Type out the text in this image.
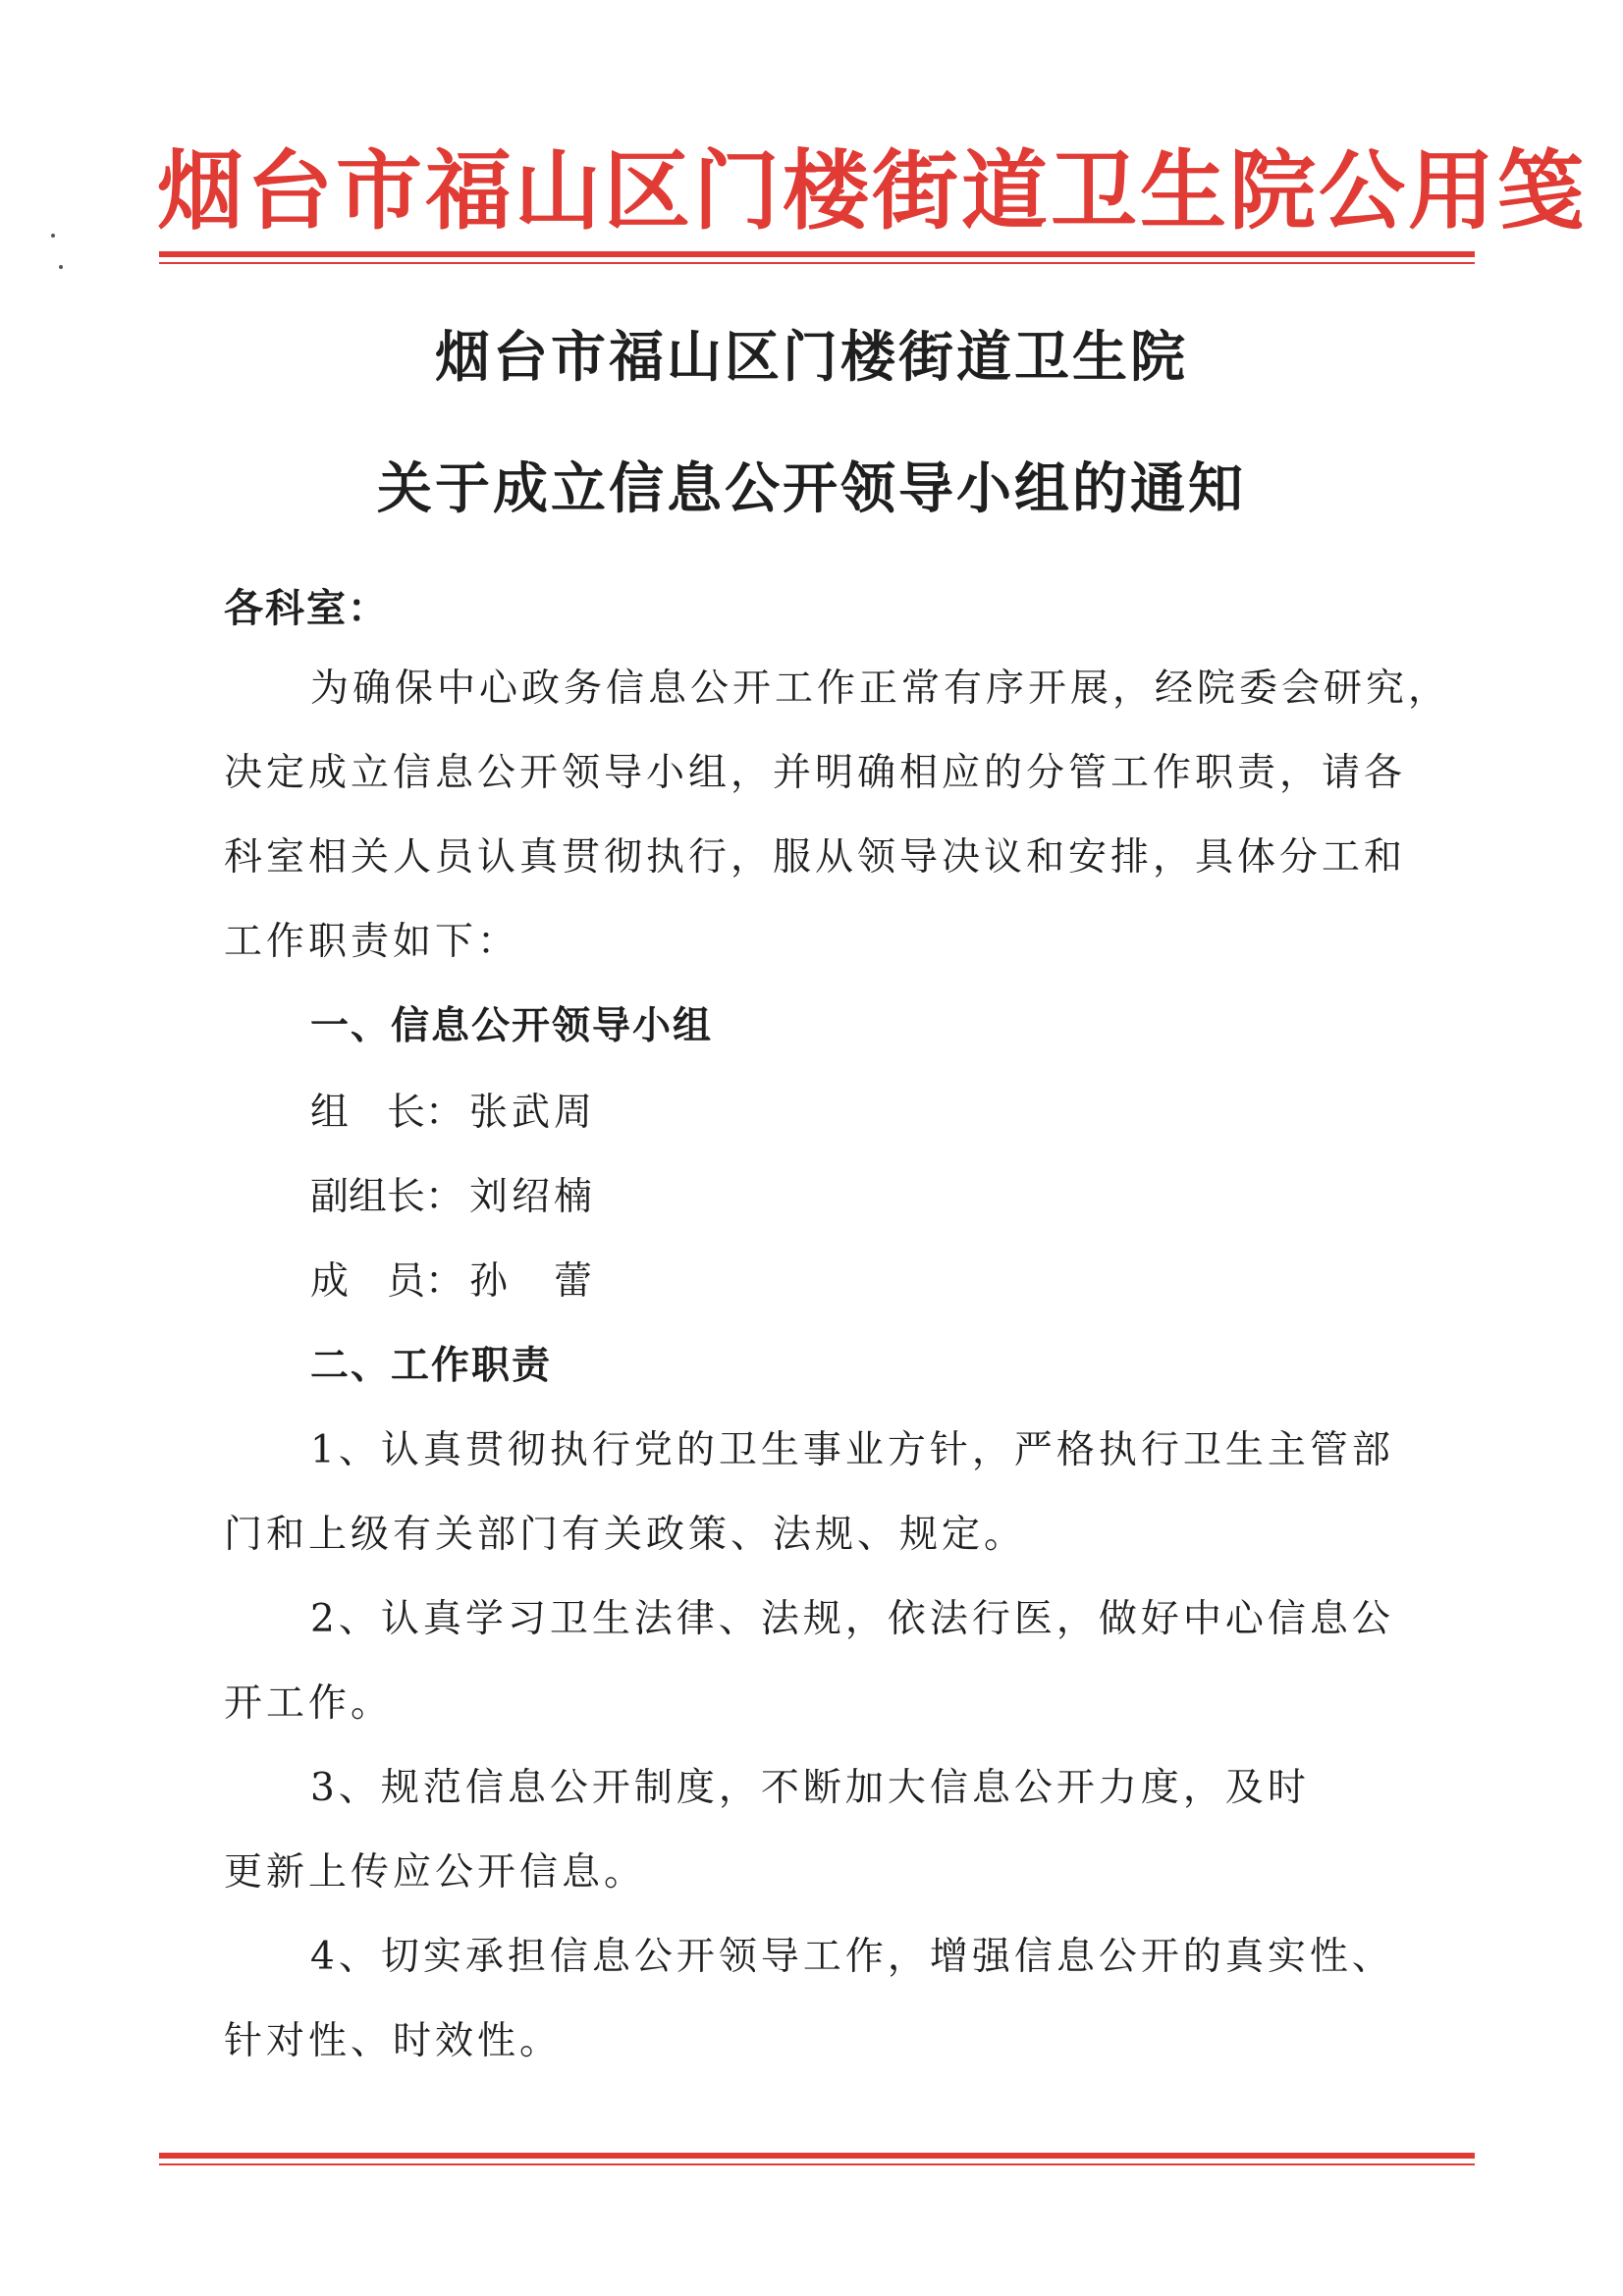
烟台市福山区门楼街道卫生院公用笺
烟台市福山区门楼街道卫生院
关于成立信息公开领导小组的通知
各科室：
为确保中心政务信息公开工作正常有序开展，经院委会研究，
决定成立信息公开领导小组，并明确相应的分管工作职责，请各
科室相关人员认真贯彻执行，服从领导决议和安排，具体分工和
工作职责如下：
一、信息公开领导小组
组　长： 张武周
副组长： 刘绍楠
成　员： 孙　蕾
二、工作职责
1、认真贯彻执行党的卫生事业方针，严格执行卫生主管部
门和上级有关部门有关政策、法规、规定。
2、认真学习卫生法律、法规，依法行医，做好中心信息公
开工作。
3、规范信息公开制度，不断加大信息公开力度，及时
更新上传应公开信息。
4、切实承担信息公开领导工作，增强信息公开的真实性、
针对性、时效性。
